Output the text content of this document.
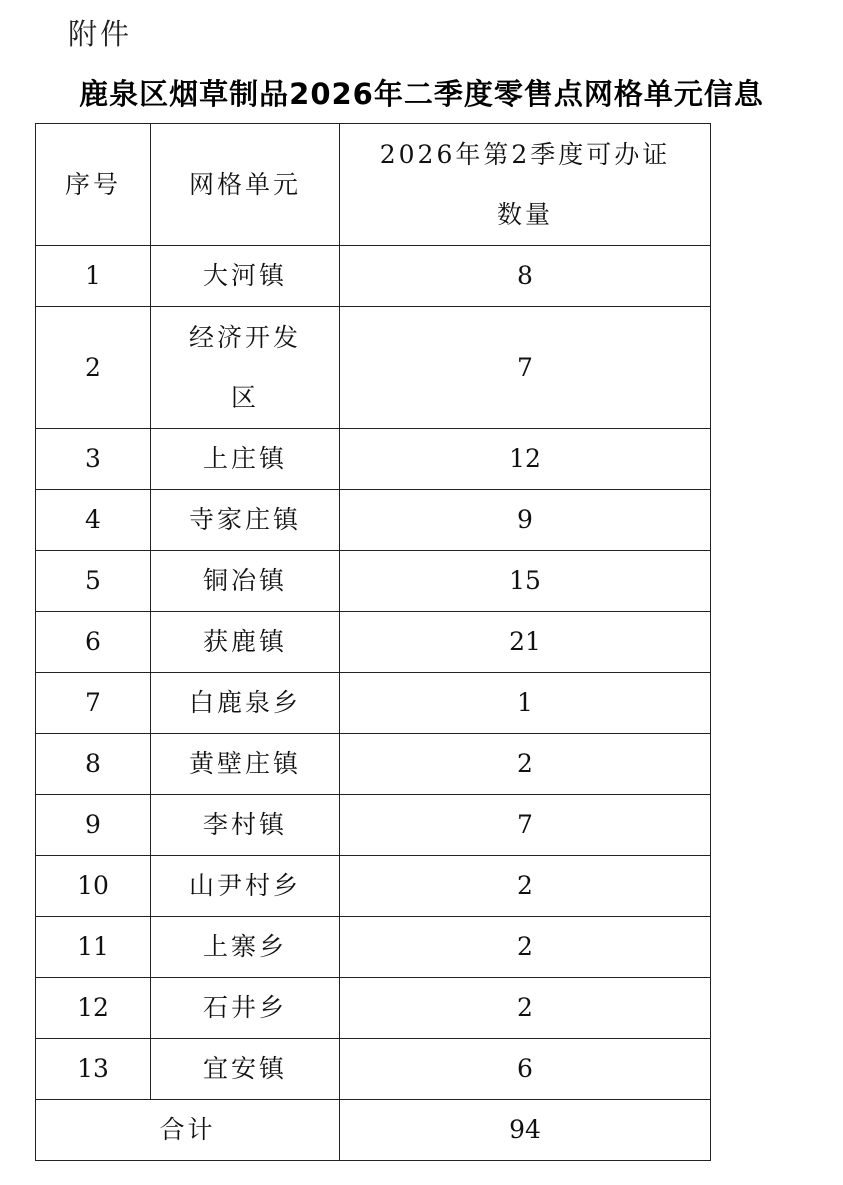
附件
鹿泉区烟草制品2026年二季度零售点网格单元信息
序号	网格单元	2026年第2季度可办证数量
1	大河镇	8
2	经济开发区	7
3	上庄镇	12
4	寺家庄镇	9
5	铜冶镇	15
6	获鹿镇	21
7	白鹿泉乡	1
8	黄壁庄镇	2
9	李村镇	7
10	山尹村乡	2
11	上寨乡	2
12	石井乡	2
13	宜安镇	6
合计		94
